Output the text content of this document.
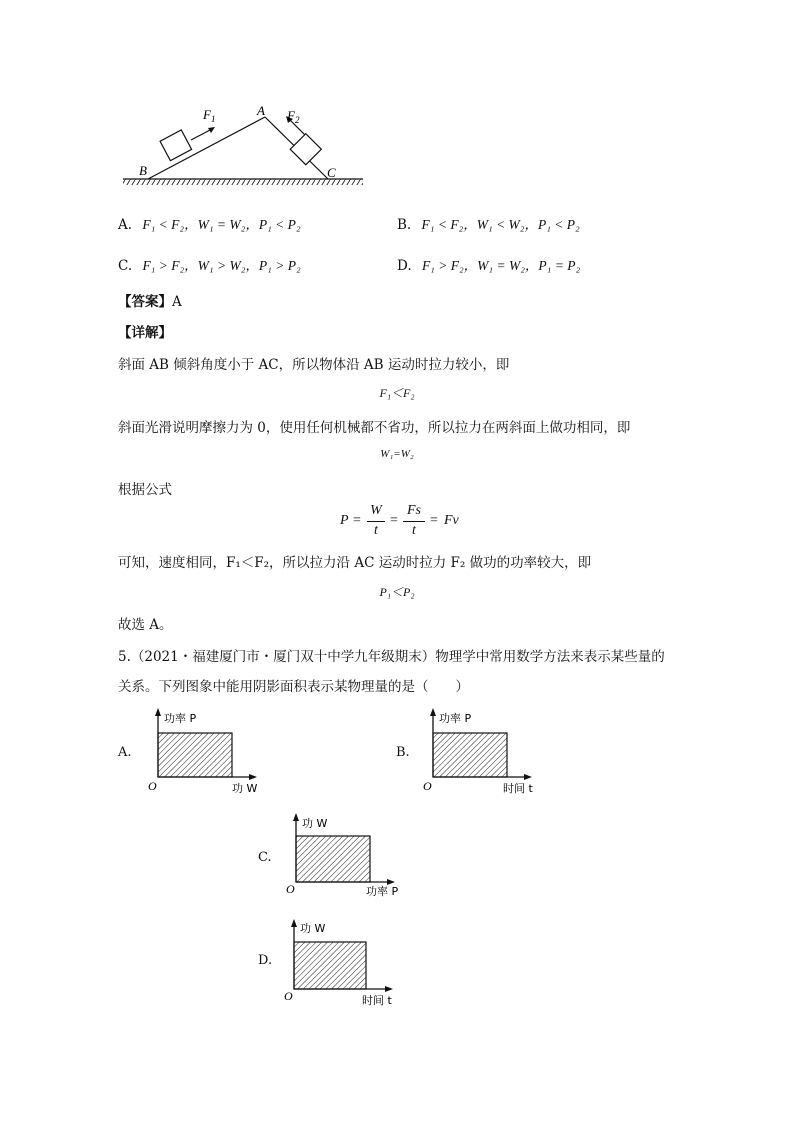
$F_1$	$F_2$
A
B	C
A. F₁ < F₂，W₁ = W₂，P₁ < P₂	B. F₁ < F₂，W₁ < W₂，P₁ < P₂
C. F₁ > F₂，W₁ > W₂，P₁ > P₂	D. F₁ > F₂，W₁ = W₂，P₁ = P₂
【答案】A
【详解】
斜面 AB 倾斜角度小于 AC，所以物体沿 AB 运动时拉力较小，即
F₁＜F₂
斜面光滑说明摩擦力为 0，使用任何机械都不省功，所以拉力在两斜面上做功相同，即
W₁=W₂
根据公式
P =
W
t
=
Fs
t
= Fv
可知，速度相同，F₁＜F₂，所以拉力沿 AC 运动时拉力 F₂ 做功的功率较大，即
P₁＜P₂
故选 A。
5.（2021・福建厦门市・厦门双十中学九年级期末）物理学中常用数学方法来表示某些量的
关系。下列图象中能用阴影面积表示某物理量的是（　　）
A.
功率 P
功 W
O
B.
功率 P
时间 t
O
C.
功 W
功率 P
O
D.
功 W
时间 t
O
